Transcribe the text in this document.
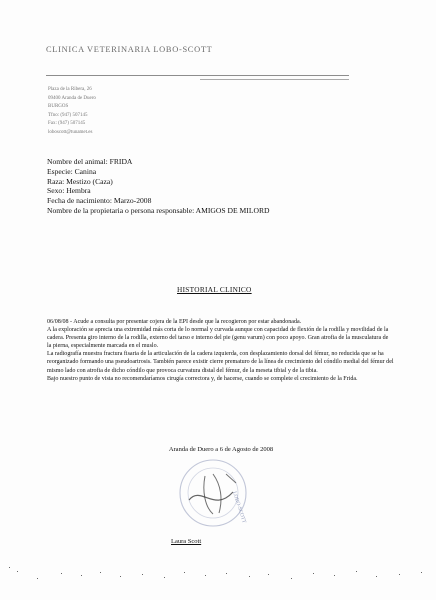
CLINICA VETERINARIA LOBO-SCOTT
Plaza de la Ribera, 26
09400 Aranda de Duero
BURGOS
Tfno: (947) 507145
Fax: (947) 507145
loboscott@tunamet.es
Nombre del animal: FRIDA
Especie: Canina
Raza: Mestizo (Caza)
Sexo: Hembra
Fecha de nacimiento: Marzo-2008
Nombre de la propietaria o persona responsable: AMIGOS DE MILORD
HISTORIAL CLINICO

06/08/08 - Acude a consulta por presentar cojera de la EPI desde que la recogieron por estar abandonada.

A la exploración se aprecia una extremidad más corta de lo normal y curvada aunque con capacidad de flexión de la rodilla y movilidad de la cadera. Presenta giro interno de la rodilla, externo del tarso e interno del pie (genu varum) con poco apoyo. Gran atrofia de la musculatura de la pierna, especialmente marcada en el muslo.

La radiografía muestra fractura fisaria de la articulación de la cadera izquierda, con desplazamiento dorsal del fémur, no reducida que se ha reorganizado formando una pseudoartrosis. También parece existir cierre prematuro de la línea de crecimiento del cóndilo medial del fémur del mismo lado con atrofia de dicho cóndilo que provoca curvatura distal del fémur, de la meseta tibial y de la tibia.

Bajo nuestro punto de vista no recomendaríamos cirugía correctora y, de hacerse, cuando se complete el crecimiento de la Frida.

Aranda de Duero a 6 de Agosto de 2008
LOBO-SCOTT
Laura Scott
